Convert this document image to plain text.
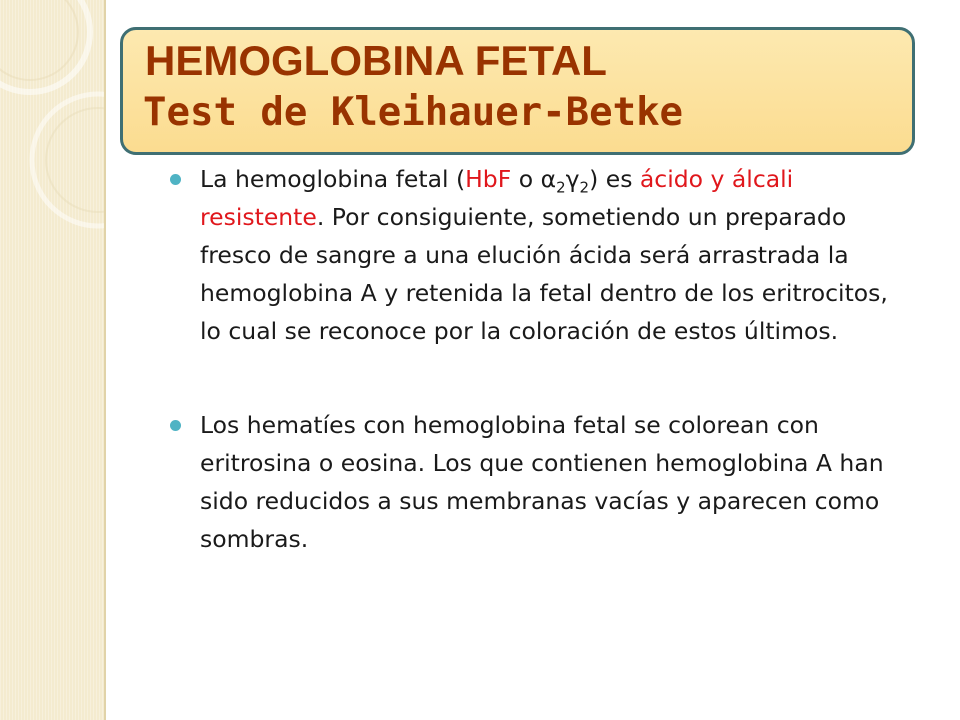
HEMOGLOBINA FETAL
Test de Kleihauer-Betke

La hemoglobina fetal (HbF o $\alpha_2\gamma_2$) es ácido y álcali resistente. Por consiguiente, sometiendo un preparado fresco de sangre a una elución ácida será arrastrada la hemoglobina A y retenida la fetal dentro de los eritrocitos, lo cual se reconoce por la coloración de estos últimos.

Los hematíes con hemoglobina fetal se colorean con eritrosina o eosina. Los que contienen hemoglobina A han sido reducidos a sus membranas vacías y aparecen como sombras.
